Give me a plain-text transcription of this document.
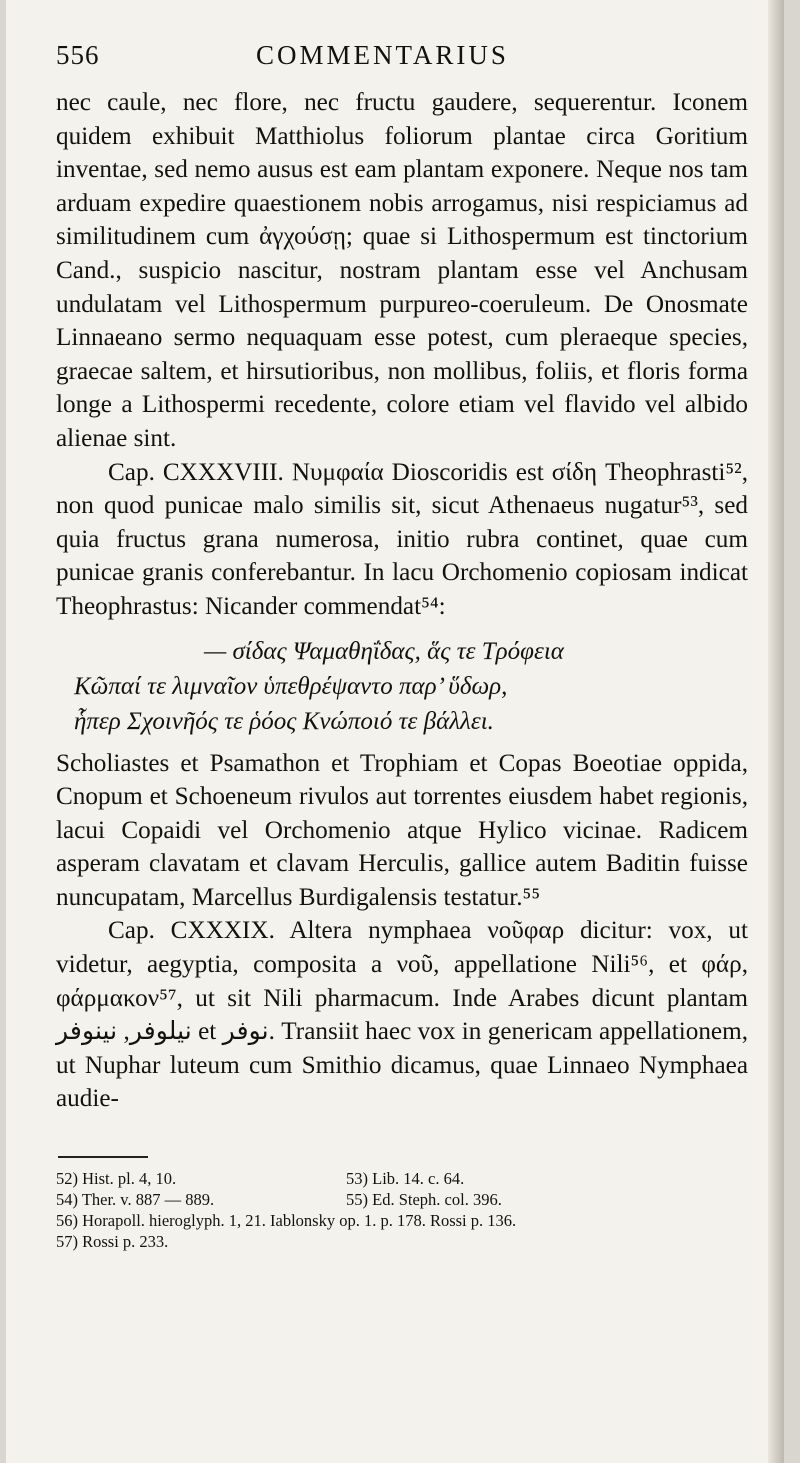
556	COMMENTARIUS

nec caule, nec flore, nec fructu gaudere, sequerentur. Iconem quidem exhibuit Matthiolus foliorum plantae circa Goritium inventae, sed nemo ausus est eam plantam exponere. Neque nos tam arduam expedire quaestionem nobis arrogamus, nisi respiciamus ad similitudinem cum ἀγχούσῃ; quae si Lithospermum est tinctorium Cand., suspicio nascitur, nostram plantam esse vel Anchusam undulatam vel Lithospermum purpureo-coeruleum. De Onosmate Linnaeano sermo nequaquam esse potest, cum pleraeque species, graecae saltem, et hirsutioribus, non mollibus, foliis, et floris forma longe a Lithospermi recedente, colore etiam vel flavido vel albido alienae sint.

Cap. CXXXVIII. Νυμφαία Dioscoridis est σίδη Theophrasti⁵², non quod punicae malo similis sit, sicut Athenaeus nugatur⁵³, sed quia fructus grana numerosa, initio rubra continet, quae cum punicae granis conferebantur. In lacu Orchomenio copiosam indicat Theophrastus: Nicander commendat⁵⁴:

— σίδας Ψαμαθηΐδας, ἅς τε Τρόφεια
Κῶπαί τε λιμναῖον ὑπεθρέψαντο παρ’ ὕδωρ,
ἧπερ Σχοινῆός τε ῥόος Κνώποιό τε βάλλει.

Scholiastes et Psamathon et Trophiam et Copas Boeotiae oppida, Cnopum et Schoeneum rivulos aut torrentes eiusdem habet regionis, lacui Copaidi vel Orchomenio atque Hylico vicinae. Radicem asperam clavatam et clavam Herculis, gallice autem Baditin fuisse nuncupatam, Marcellus Burdigalensis testatur.⁵⁵

Cap. CXXXIX. Altera nymphaea νοῦφαρ dicitur: vox, ut videtur, aegyptia, composita a νοῦ, appellatione Nili⁵⁶, et φάρ, φάρμακον⁵⁷, ut sit Nili pharmacum. Inde Arabes dicunt plantam نيلوفر, نينوفر et نوفر. Transiit haec vox in genericam appellationem, ut Nuphar luteum cum Smithio dicamus, quae Linnaeo Nymphaea audie-

52) Hist. pl. 4, 10.	53) Lib. 14. c. 64.
54) Ther. v. 887 — 889.	55) Ed. Steph. col. 396.
56) Horapoll. hieroglyph. 1, 21. Iablonsky op. 1. p. 178. Rossi p. 136.
57) Rossi p. 233.
